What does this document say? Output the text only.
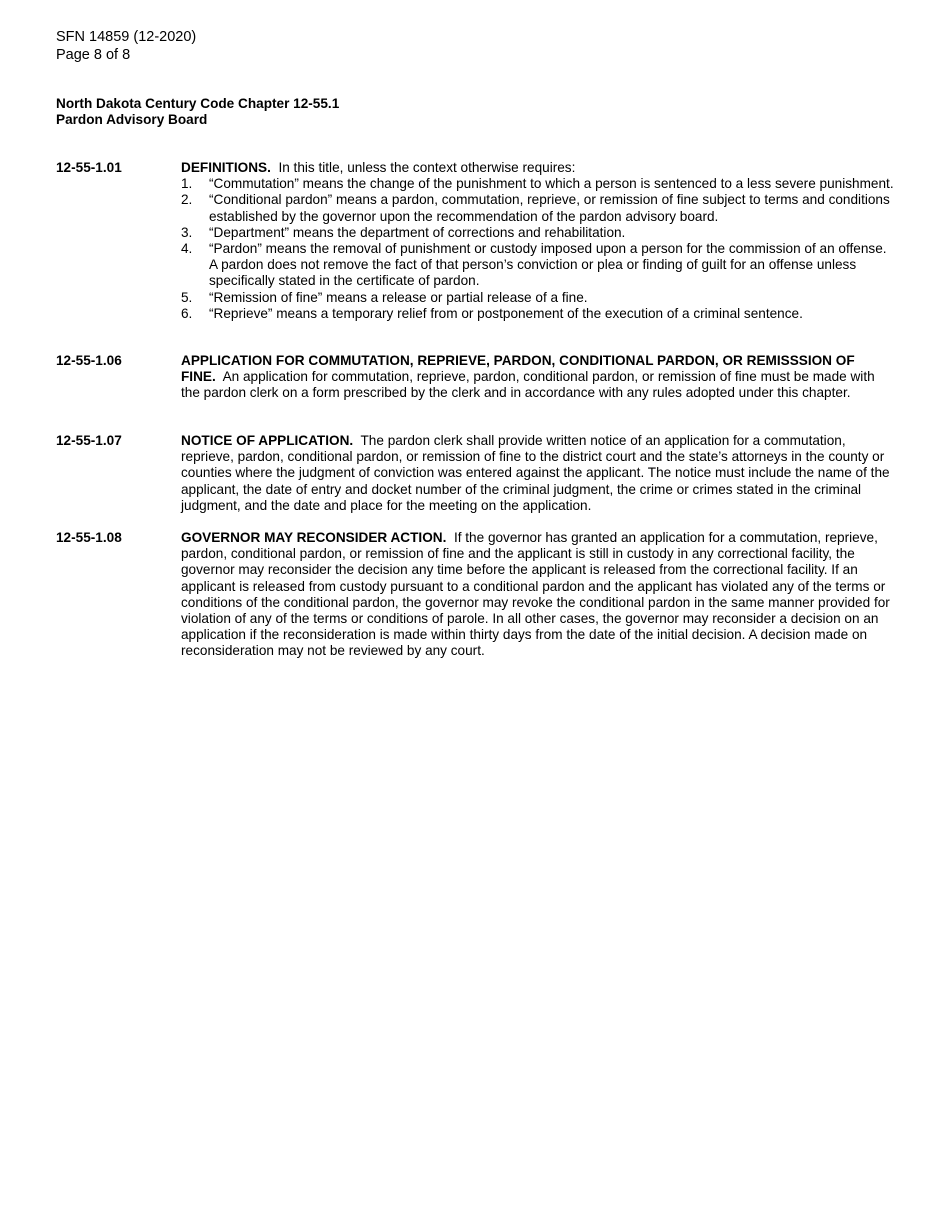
SFN 14859 (12-2020)
Page 8 of 8
North Dakota Century Code Chapter 12-55.1
Pardon Advisory Board
12-55-1.01	DEFINITIONS. In this title, unless the context otherwise requires:
1. “Commutation” means the change of the punishment to which a person is sentenced to a less severe punishment.
2. “Conditional pardon” means a pardon, commutation, reprieve, or remission of fine subject to terms and conditions established by the governor upon the recommendation of the pardon advisory board.
3. “Department” means the department of corrections and rehabilitation.
4. “Pardon” means the removal of punishment or custody imposed upon a person for the commission of an offense. A pardon does not remove the fact of that person’s conviction or plea or finding of guilt for an offense unless specifically stated in the certificate of pardon.
5. “Remission of fine” means a release or partial release of a fine.
6. “Reprieve” means a temporary relief from or postponement of the execution of a criminal sentence.
12-55-1.06	APPLICATION FOR COMMUTATION, REPRIEVE, PARDON, CONDITIONAL PARDON, OR REMISSSION OF FINE. An application for commutation, reprieve, pardon, conditional pardon, or remission of fine must be made with the pardon clerk on a form prescribed by the clerk and in accordance with any rules adopted under this chapter.
12-55-1.07	NOTICE OF APPLICATION. The pardon clerk shall provide written notice of an application for a commutation, reprieve, pardon, conditional pardon, or remission of fine to the district court and the state’s attorneys in the county or counties where the judgment of conviction was entered against the applicant. The notice must include the name of the applicant, the date of entry and docket number of the criminal judgment, the crime or crimes stated in the criminal judgment, and the date and place for the meeting on the application.
12-55-1.08	GOVERNOR MAY RECONSIDER ACTION. If the governor has granted an application for a commutation, reprieve, pardon, conditional pardon, or remission of fine and the applicant is still in custody in any correctional facility, the governor may reconsider the decision any time before the applicant is released from the correctional facility. If an applicant is released from custody pursuant to a conditional pardon and the applicant has violated any of the terms or conditions of the conditional pardon, the governor may revoke the conditional pardon in the same manner provided for violation of any of the terms or conditions of parole. In all other cases, the governor may reconsider a decision on an application if the reconsideration is made within thirty days from the date of the initial decision. A decision made on reconsideration may not be reviewed by any court.
